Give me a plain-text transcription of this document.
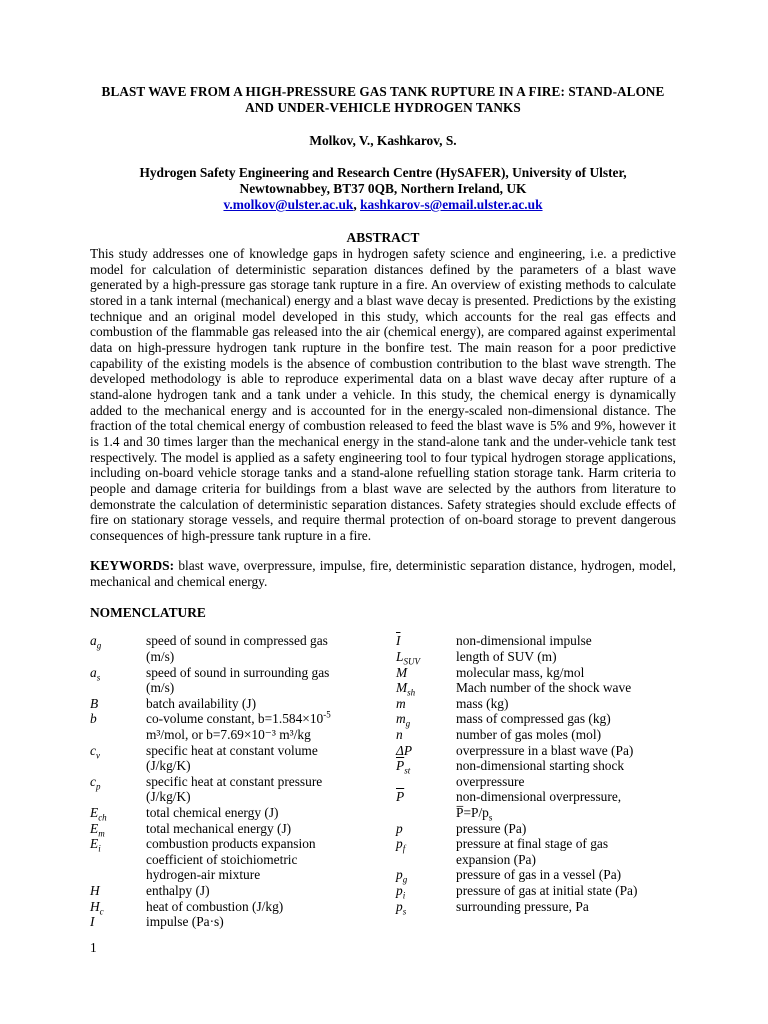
BLAST WAVE FROM A HIGH-PRESSURE GAS TANK RUPTURE IN A FIRE: STAND-ALONE AND UNDER-VEHICLE HYDROGEN TANKS

Molkov, V., Kashkarov, S.
Hydrogen Safety Engineering and Research Centre (HySAFER), University of Ulster,
Newtownabbey, BT37 0QB, Northern Ireland, UK
v.molkov@ulster.ac.uk, kashkarov-s@email.ulster.ac.uk
ABSTRACT

This study addresses one of knowledge gaps in hydrogen safety science and engineering, i.e. a predictive model for calculation of deterministic separation distances defined by the parameters of a blast wave generated by a high-pressure gas storage tank rupture in a fire. An overview of existing methods to calculate stored in a tank internal (mechanical) energy and a blast wave decay is presented. Predictions by the existing technique and an original model developed in this study, which accounts for the real gas effects and combustion of the flammable gas released into the air (chemical energy), are compared against experimental data on high-pressure hydrogen tank rupture in the bonfire test. The main reason for a poor predictive capability of the existing models is the absence of combustion contribution to the blast wave strength. The developed methodology is able to reproduce experimental data on a blast wave decay after rupture of a stand-alone hydrogen tank and a tank under a vehicle. In this study, the chemical energy is dynamically added to the mechanical energy and is accounted for in the energy-scaled non-dimensional distance. The fraction of the total chemical energy of combustion released to feed the blast wave is 5% and 9%, however it is 1.4 and 30 times larger than the mechanical energy in the stand-alone tank and the under-vehicle tank test respectively. The model is applied as a safety engineering tool to four typical hydrogen storage applications, including on-board vehicle storage tanks and a stand-alone refuelling station storage tank. Harm criteria to people and damage criteria for buildings from a blast wave are selected by the authors from literature to demonstrate the calculation of deterministic separation distances. Safety strategies should exclude effects of fire on stationary storage vessels, and require thermal protection of on-board storage to prevent dangerous consequences of high-pressure tank rupture in a fire.

KEYWORDS: blast wave, overpressure, impulse, fire, deterministic separation distance, hydrogen, model, mechanical and chemical energy.
NOMENCLATURE
$a_g$	speed of sound in compressed gas
(m/s)
$a_s$	speed of sound in surrounding gas
(m/s)
B	batch availability (J)
b	co-volume constant, $b=1.584\times 10^{-5}$
m³/mol, or b=7.69×10⁻³ m³/kg
$c_v$	specific heat at constant volume
(J/kg/K)
$c_p$	specific heat at constant pressure
(J/kg/K)
$E_{ch}$	total chemical energy (J)
$E_m$	total mechanical energy (J)
$E_i$	combustion products expansion
coefficient of stoichiometric
hydrogen-air mixture
H	enthalpy (J)
$H_c$	heat of combustion (J/kg)
I	impulse (Pa·s)
$\overline{I}$	non-dimensional impulse
$L_{SUV}$	length of SUV (m)
M	molecular mass, kg/mol
$M_{sh}$	Mach number of the shock wave
m	mass (kg)
$m_g$	mass of compressed gas (kg)
n	number of gas moles (mol)
ΔP	overpressure in a blast wave (Pa)
$\overline{P}_{st}$	non-dimensional starting shock
overpressure
$\overline{P}$	non-dimensional overpressure,
$P̅=P/p_s$
p	pressure (Pa)
$p_f$	pressure at final stage of gas
expansion (Pa)
$p_g$	pressure of gas in a vessel (Pa)
$p_i$	pressure of gas at initial state (Pa)
$p_s$	surrounding pressure, Pa
1
